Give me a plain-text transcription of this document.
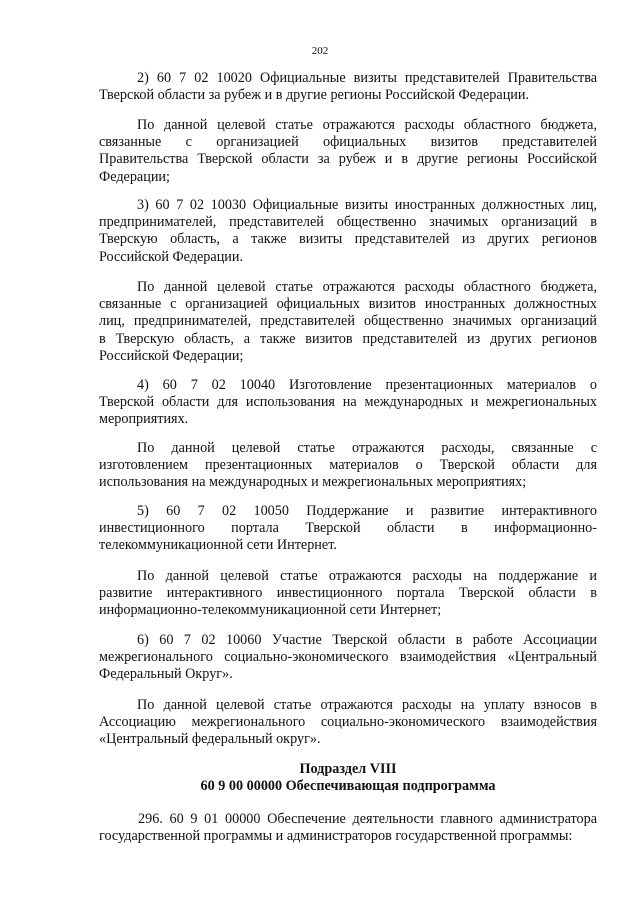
202
2) 60 7 02 10020 Официальные визиты представителей Правительства
Тверской области за рубеж и в другие регионы Российской Федерации.
По данной целевой статье отражаются расходы областного бюджета,
связанные с организацией официальных визитов представителей
Правительства Тверской области за рубеж и в другие регионы Российской
Федерации;
3) 60 7 02 10030 Официальные визиты иностранных должностных лиц,
предпринимателей, представителей общественно значимых организаций в
Тверскую область, а также визиты представителей из других регионов
Российской Федерации.
По данной целевой статье отражаются расходы областного бюджета,
связанные с организацией официальных визитов иностранных должностных
лиц, предпринимателей, представителей общественно значимых организаций
в Тверскую область, а также визитов представителей из других регионов
Российской Федерации;
4) 60 7 02 10040 Изготовление презентационных материалов о
Тверской области для использования на международных и межрегиональных
мероприятиях.
По данной целевой статье отражаются расходы, связанные с
изготовлением презентационных материалов о Тверской области для
использования на международных и межрегиональных мероприятиях;
5) 60 7 02 10050 Поддержание и развитие интерактивного
инвестиционного портала Тверской области в информационно-
телекоммуникационной сети Интернет.
По данной целевой статье отражаются расходы на поддержание и
развитие интерактивного инвестиционного портала Тверской области в
информационно-телекоммуникационной сети Интернет;
6) 60 7 02 10060 Участие Тверской области в работе Ассоциации
межрегионального социально-экономического взаимодействия «Центральный
Федеральный Округ».
По данной целевой статье отражаются расходы на уплату взносов в
Ассоциацию межрегионального социально-экономического взаимодействия
«Центральный федеральный округ».
Подраздел VIII
60 9 00 00000 Обеспечивающая подпрограмма
296. 60 9 01 00000 Обеспечение деятельности главного администратора
государственной программы и администраторов государственной программы:
